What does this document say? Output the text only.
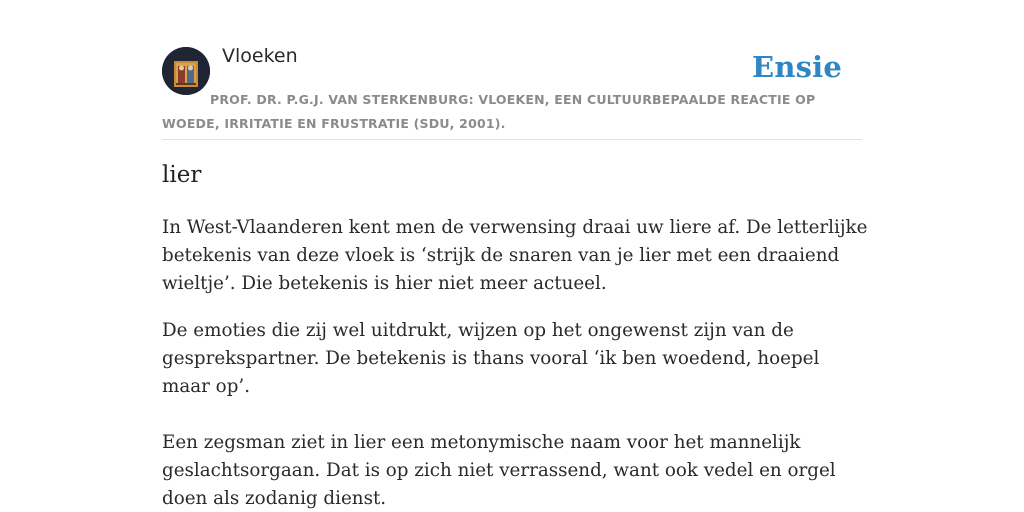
Vloeken	Ensie
PROF. DR. P.G.J. VAN STERKENBURG: VLOEKEN, EEN CULTUURBEPAALDE REACTIE OP WOEDE, IRRITATIE EN FRUSTRATIE (SDU, 2001).
lier

In West-Vlaanderen kent men de verwensing draai uw liere af. De letterlijke betekenis van deze vloek is ‘strijk de snaren van je lier met een draaiend wieltje’. Die betekenis is hier niet meer actueel.

De emoties die zij wel uitdrukt, wijzen op het ongewenst zijn van de gesprekspartner. De betekenis is thans vooral ‘ik ben woedend, hoepel maar op’.

Een zegsman ziet in lier een metonymische naam voor het mannelijk geslachtsorgaan. Dat is op zich niet verrassend, want ook vedel en orgel doen als zodanig dienst.
